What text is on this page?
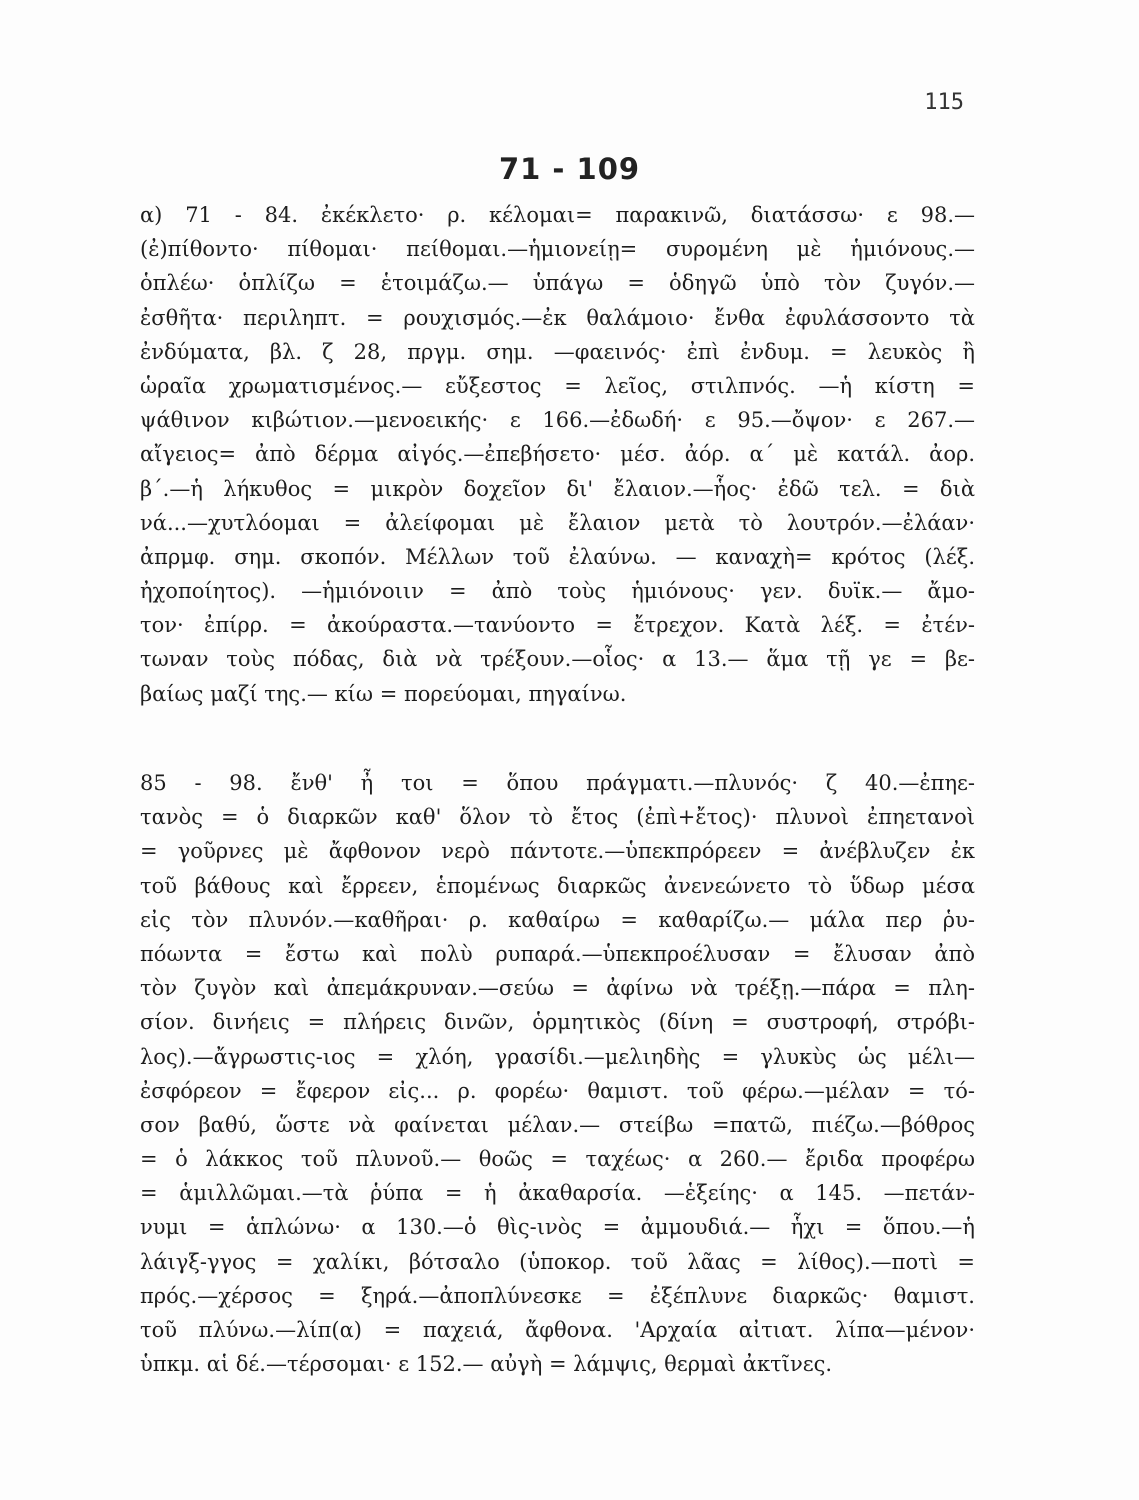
115
71 - 109
α) 71 - 84. ἐκέκλετο· ρ. κέλομαι= παρακινῶ, διατάσσω· ε 98.—
(ἐ)πίθοντο· πίθομαι· πείθομαι.—ἡμιονείῃ= συρομένη μὲ ἡμιόνους.—
ὁπλέω· ὁπλίζω = ἑτοιμάζω.— ὑπάγω = ὁδηγῶ ὑπὸ τὸν ζυγόν.—
ἐσθῆτα· περιληπτ. = ρουχισμός.—ἐκ θαλάμοιο· ἔνθα ἐφυλάσσοντο τὰ
ἐνδύματα, βλ. ζ 28, πργμ. σημ. —φαεινός· ἐπὶ ἐνδυμ. = λευκὸς ἢ
ὡραῖα χρωματισμένος.— εὔξεστος = λεῖος, στιλπνός. —ἡ κίστη =
ψάθινον κιβώτιον.—μενοεικής· ε 166.—ἐδωδή· ε 95.—ὄψον· ε 267.—
αἴγειος= ἀπὸ δέρμα αἰγός.—ἐπεβήσετο· μέσ. ἀόρ. α΄ μὲ κατάλ. ἀορ.
β΄.—ἡ λήκυθος = μικρὸν δοχεῖον δι' ἔλαιον.—ἧος· ἐδῶ τελ. = διὰ
νά...—χυτλόομαι = ἀλείφομαι μὲ ἔλαιον μετὰ τὸ λουτρόν.—ἐλάαν·
ἀπρμφ. σημ. σκοπόν. Μέλλων τοῦ ἐλαύνω. — καναχὴ= κρότος (λέξ.
ἠχοποίητος). —ἡμιόνοιιν = ἀπὸ τοὺς ἡμιόνους· γεν. δυϊκ.— ἄμο-
τον· ἐπίρρ. = ἀκούραστα.—τανύοντο = ἔτρεχον. Κατὰ λέξ. = ἐτέν-
τωναν τοὺς πόδας, διὰ νὰ τρέξουν.—οἷος· α 13.— ἅμα τῇ γε = βε-
βαίως μαζί της.— κίω = πορεύομαι, πηγαίνω.
85 - 98. ἔνθ' ἦ τοι = ὅπου πράγματι.—πλυνός· ζ 40.—ἐπηε-
τανὸς = ὁ διαρκῶν καθ' ὅλον τὸ ἔτος (ἐπὶ+ἔτος)· πλυνοὶ ἐπηετανοὶ
= γοῦρνες μὲ ἄφθονον νερὸ πάντοτε.—ὑπεκπρόρεεν = ἀνέβλυζεν ἐκ
τοῦ βάθους καὶ ἔρρεεν, ἑπομένως διαρκῶς ἀνενεώνετο τὸ ὕδωρ μέσα
εἰς τὸν πλυνόν.—καθῆραι· ρ. καθαίρω = καθαρίζω.— μάλα περ ῥυ-
πόωντα = ἔστω καὶ πολὺ ρυπαρά.—ὑπεκπροέλυσαν = ἔλυσαν ἀπὸ
τὸν ζυγὸν καὶ ἀπεμάκρυναν.—σεύω = ἀφίνω νὰ τρέξῃ.—πάρα = πλη-
σίον. δινήεις = πλήρεις δινῶν, ὁρμητικὸς (δίνη = συστροφή, στρόβι-
λος).—ἄγρωστις-ιος = χλόη, γρασίδι.—μελιηδὴς = γλυκὺς ὡς μέλι—
ἐσφόρεον = ἔφερον εἰς... ρ. φορέω· θαμιστ. τοῦ φέρω.—μέλαν = τό-
σον βαθύ, ὥστε νὰ φαίνεται μέλαν.— στείβω =πατῶ, πιέζω.—βόθρος
= ὁ λάκκος τοῦ πλυνοῦ.— θοῶς = ταχέως· α 260.— ἔριδα προφέρω
= ἁμιλλῶμαι.—τὰ ῥύπα = ἡ ἀκαθαρσία. —ἑξείης· α 145. —πετάν-
νυμι = ἁπλώνω· α 130.—ὁ θὶς-ινὸς = ἀμμουδιά.— ἧχι = ὅπου.—ἡ
λάιγξ-γγος = χαλίκι, βότσαλο (ὑποκορ. τοῦ λᾶας = λίθος).—ποτὶ =
πρός.—χέρσος = ξηρά.—ἀποπλύνεσκε = ἐξέπλυνε διαρκῶς· θαμιστ.
τοῦ πλύνω.—λίπ(α) = παχειά, ἄφθονα. 'Αρχαία αἰτιατ. λίπα—μένον·
ὑπκμ. αἱ δέ.—τέρσομαι· ε 152.— αὐγὴ = λάμψις, θερμαὶ ἀκτῖνες.
